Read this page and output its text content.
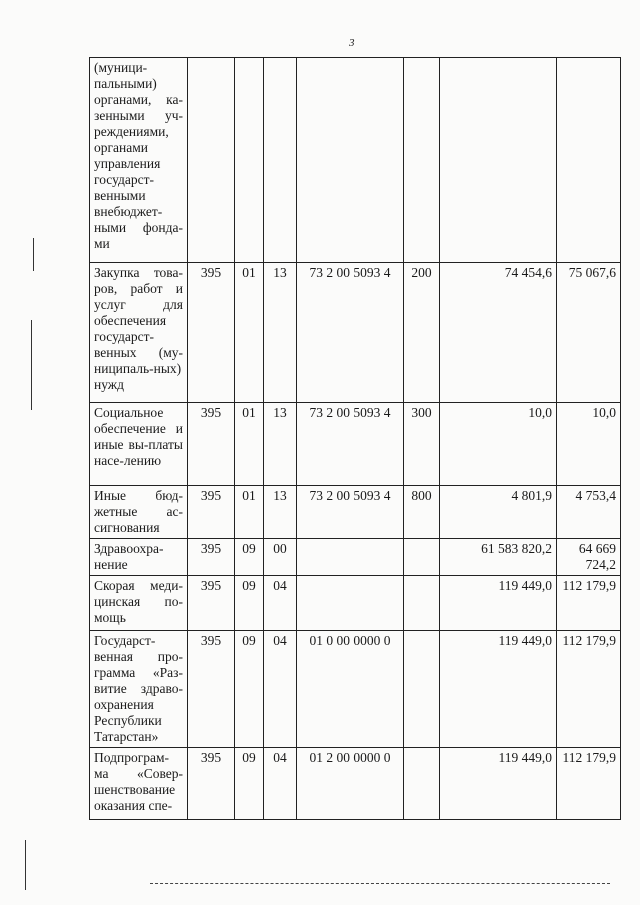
3
(муници-пальными) органами, ка-зенными уч-реждениями, органами управления государст-венными внебюджет-ными фонда-ми							
Закупка това-ров, работ и услуг для обеспечения государст-венных (му-ниципаль-ных) нужд	395	01	13	73 2 00 5093 4	200	74 454,6	75 067,6
Социальное обеспечение и иные вы-платы насе-лению	395	01	13	73 2 00 5093 4	300	10,0	10,0
Иные бюд-жетные ас-сигнования	395	01	13	73 2 00 5093 4	800	4 801,9	4 753,4
Здравоохра-нение	395	09	00			61 583 820,2	64 669 724,2
Скорая меди-цинская по-мощь	395	09	04			119 449,0	112 179,9
Государст-венная про-грамма «Раз-витие здраво-охранения Республики Татарстан»	395	09	04	01 0 00 0000 0		119 449,0	112 179,9
Подпрограм-ма «Совер-шенствование оказания спе-	395	09	04	01 2 00 0000 0		119 449,0	112 179,9
